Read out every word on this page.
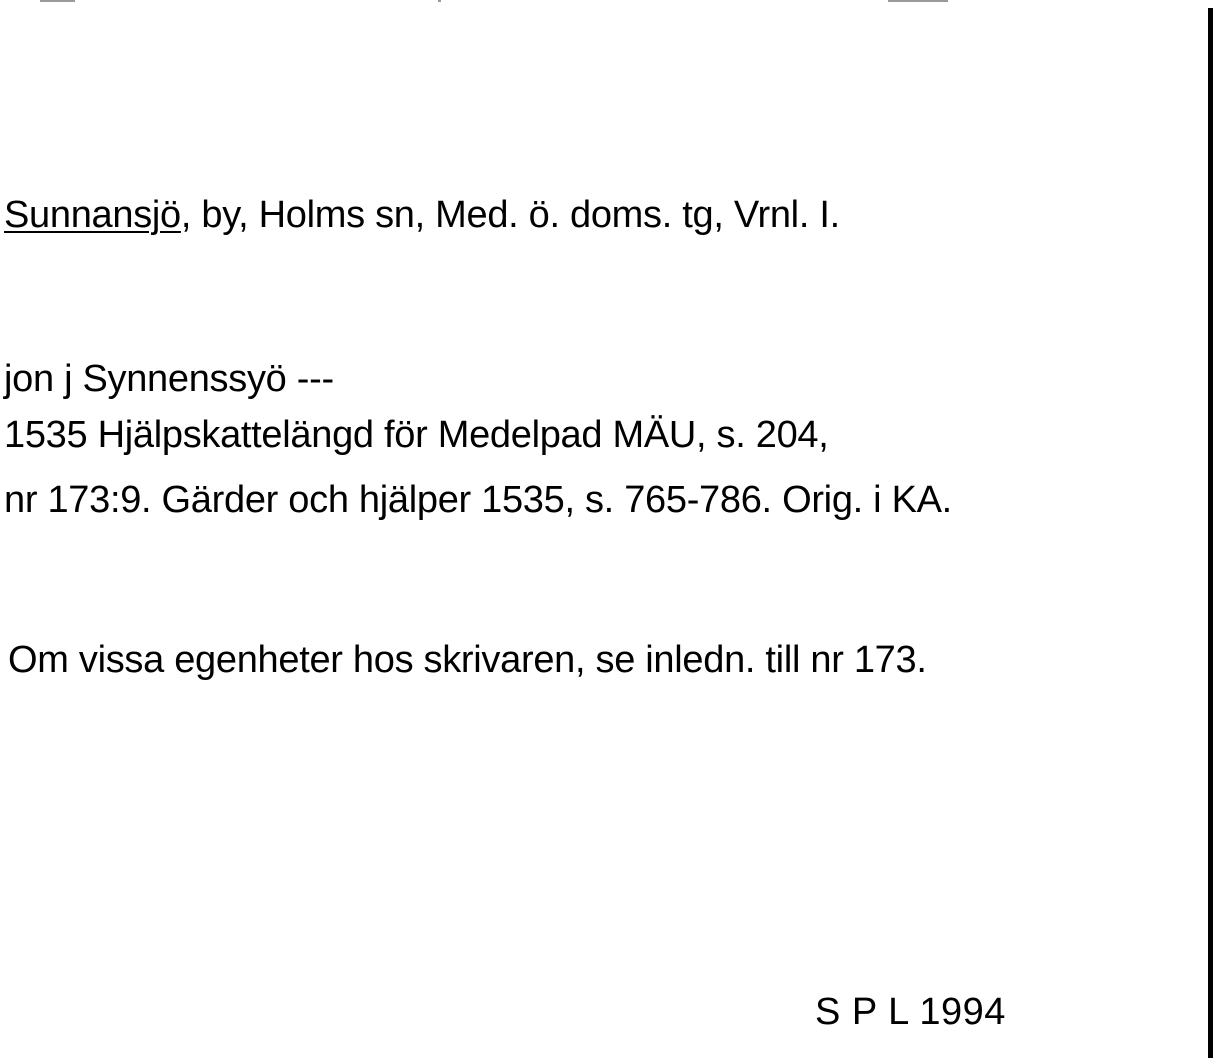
Sunnansjö, by, Holms sn, Med. ö. doms. tg, Vrnl. I.
jon j Synnenssyö ---
1535 Hjälpskattelängd för Medelpad MÄU, s. 204,
nr 173:9. Gärder och hjälper 1535, s. 765-786. Orig. i KA.
Om vissa egenheter hos skrivaren, se inledn. till nr 173.
S P L 1994
